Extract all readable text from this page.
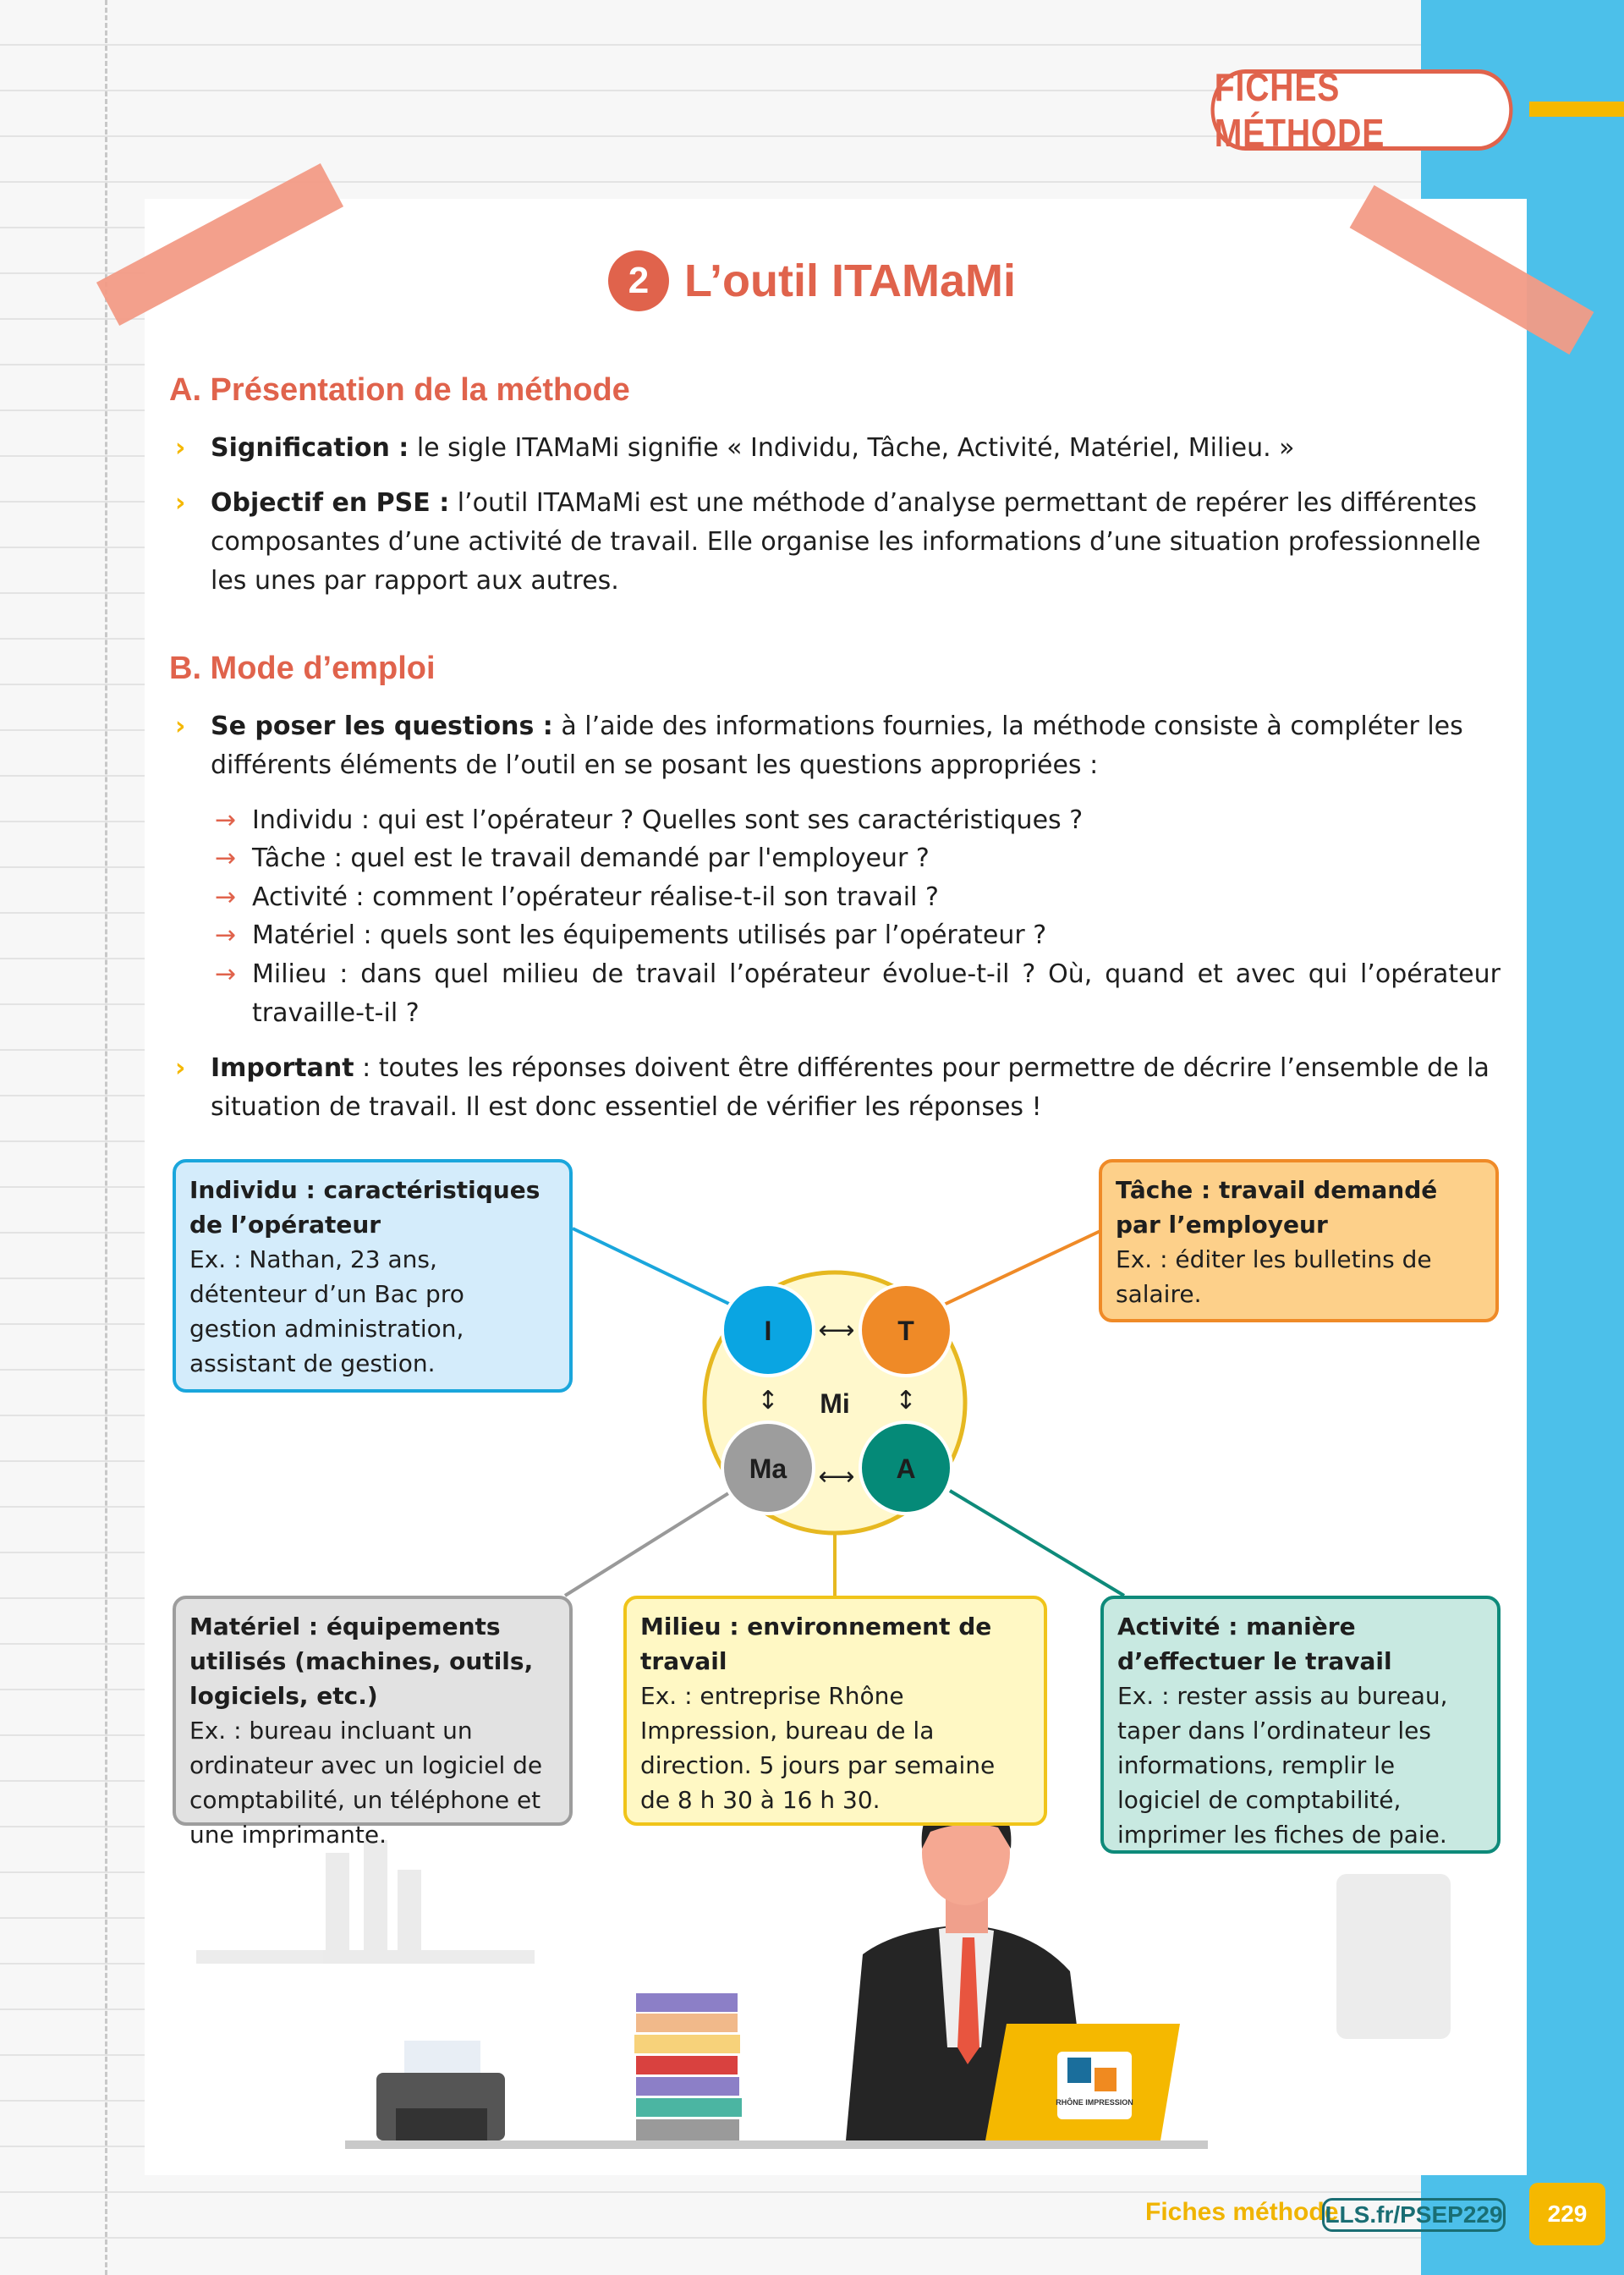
FICHES MÉTHODE
2 L’outil ITAMaMi
A. Présentation de la méthode
› Signification : le sigle ITAMaMi signifie « Individu, Tâche, Activité, Matériel, Milieu. »
› Objectif en PSE : l’outil ITAMaMi est une méthode d’analyse permettant de repérer les différentes composantes d’une activité de travail. Elle organise les informations d’une situation professionnelle les unes par rapport aux autres.
B. Mode d’emploi
› Se poser les questions : à l’aide des informations fournies, la méthode consiste à compléter les différents éléments de l’outil en se posant les questions appropriées :
→ Individu : qui est l’opérateur ? Quelles sont ses caractéristiques ?
→ Tâche : quel est le travail demandé par l'employeur ?
→ Activité : comment l’opérateur réalise-t-il son travail ?
→ Matériel : quels sont les équipements utilisés par l’opérateur ?
→ Milieu : dans quel milieu de travail l’opérateur évolue-t-il ? Où, quand et avec qui l’opérateur travaille-t-il ?
› Important : toutes les réponses doivent être différentes pour permettre de décrire l’ensemble de la situation de travail. Il est donc essentiel de vérifier les réponses !
I	T
Ma	A
Mi
⟷
⟷
↕	↕
RHÔNE IMPRESSION
Individu : caractéristiques de l’opérateur
Ex. : Nathan, 23 ans, détenteur d’un Bac pro gestion administration, assistant de gestion.
Tâche : travail demandé par l’employeur
Ex. : éditer les bulletins de salaire.
Matériel : équipements utilisés (machines, outils, logiciels, etc.)
Ex. : bureau incluant un ordinateur avec un logiciel de comptabilité, un téléphone et une imprimante.
Milieu : environnement de travail
Ex. : entreprise Rhône Impression, bureau de la direction. 5 jours par semaine de 8 h 30 à 16 h 30.
Activité : manière d’effectuer le travail
Ex. : rester assis au bureau, taper dans l’ordinateur les informations, remplir le logiciel de comptabilité, imprimer les fiches de paie.
Fiches méthode
LLS.fr/PSEP229	229
